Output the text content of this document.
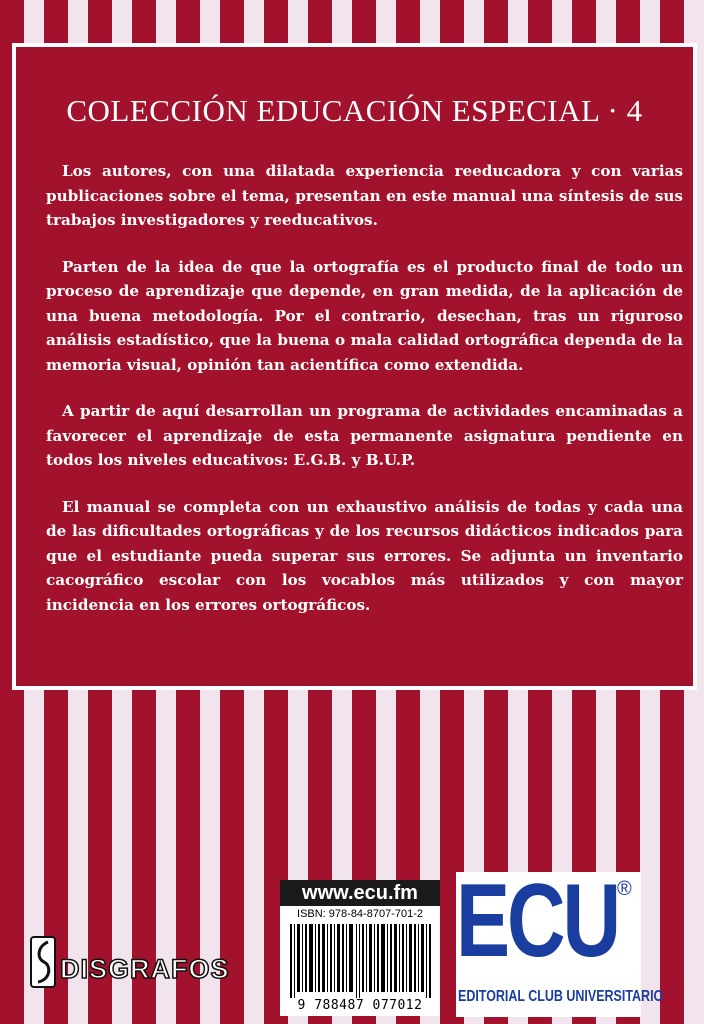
COLECCIÓN EDUCACIÓN ESPECIAL · 4

Los autores, con una dilatada experiencia reeducadora y con varias publicaciones sobre el tema, presentan en este manual una síntesis de sus trabajos investigadores y reeducativos.

Parten de la idea de que la ortografía es el producto final de todo un proceso de aprendizaje que depende, en gran medida, de la aplicación de una buena metodología. Por el contrario, desechan, tras un riguroso análisis estadístico, que la buena o mala calidad ortográfica dependa de la memoria visual, opinión tan acientífica como extendida.

A partir de aquí desarrollan un programa de actividades encaminadas a favorecer el aprendizaje de esta permanente asignatura pendiente en todos los niveles educativos: E.G.B. y B.U.P.

El manual se completa con un exhaustivo análisis de todas y cada una de las dificultades ortográficas y de los recursos didácticos indicados para que el estudiante pueda superar sus errores. Se adjunta un inventario cacográfico escolar con los vocablos más utilizados y con mayor incidencia en los errores ortográficos.

DISGRAFOS
www.ecu.fm
ISBN: 978-84-8707-701-2
9 788487 077012
ECU ®
EDITORIAL CLUB UNIVERSITARIO
